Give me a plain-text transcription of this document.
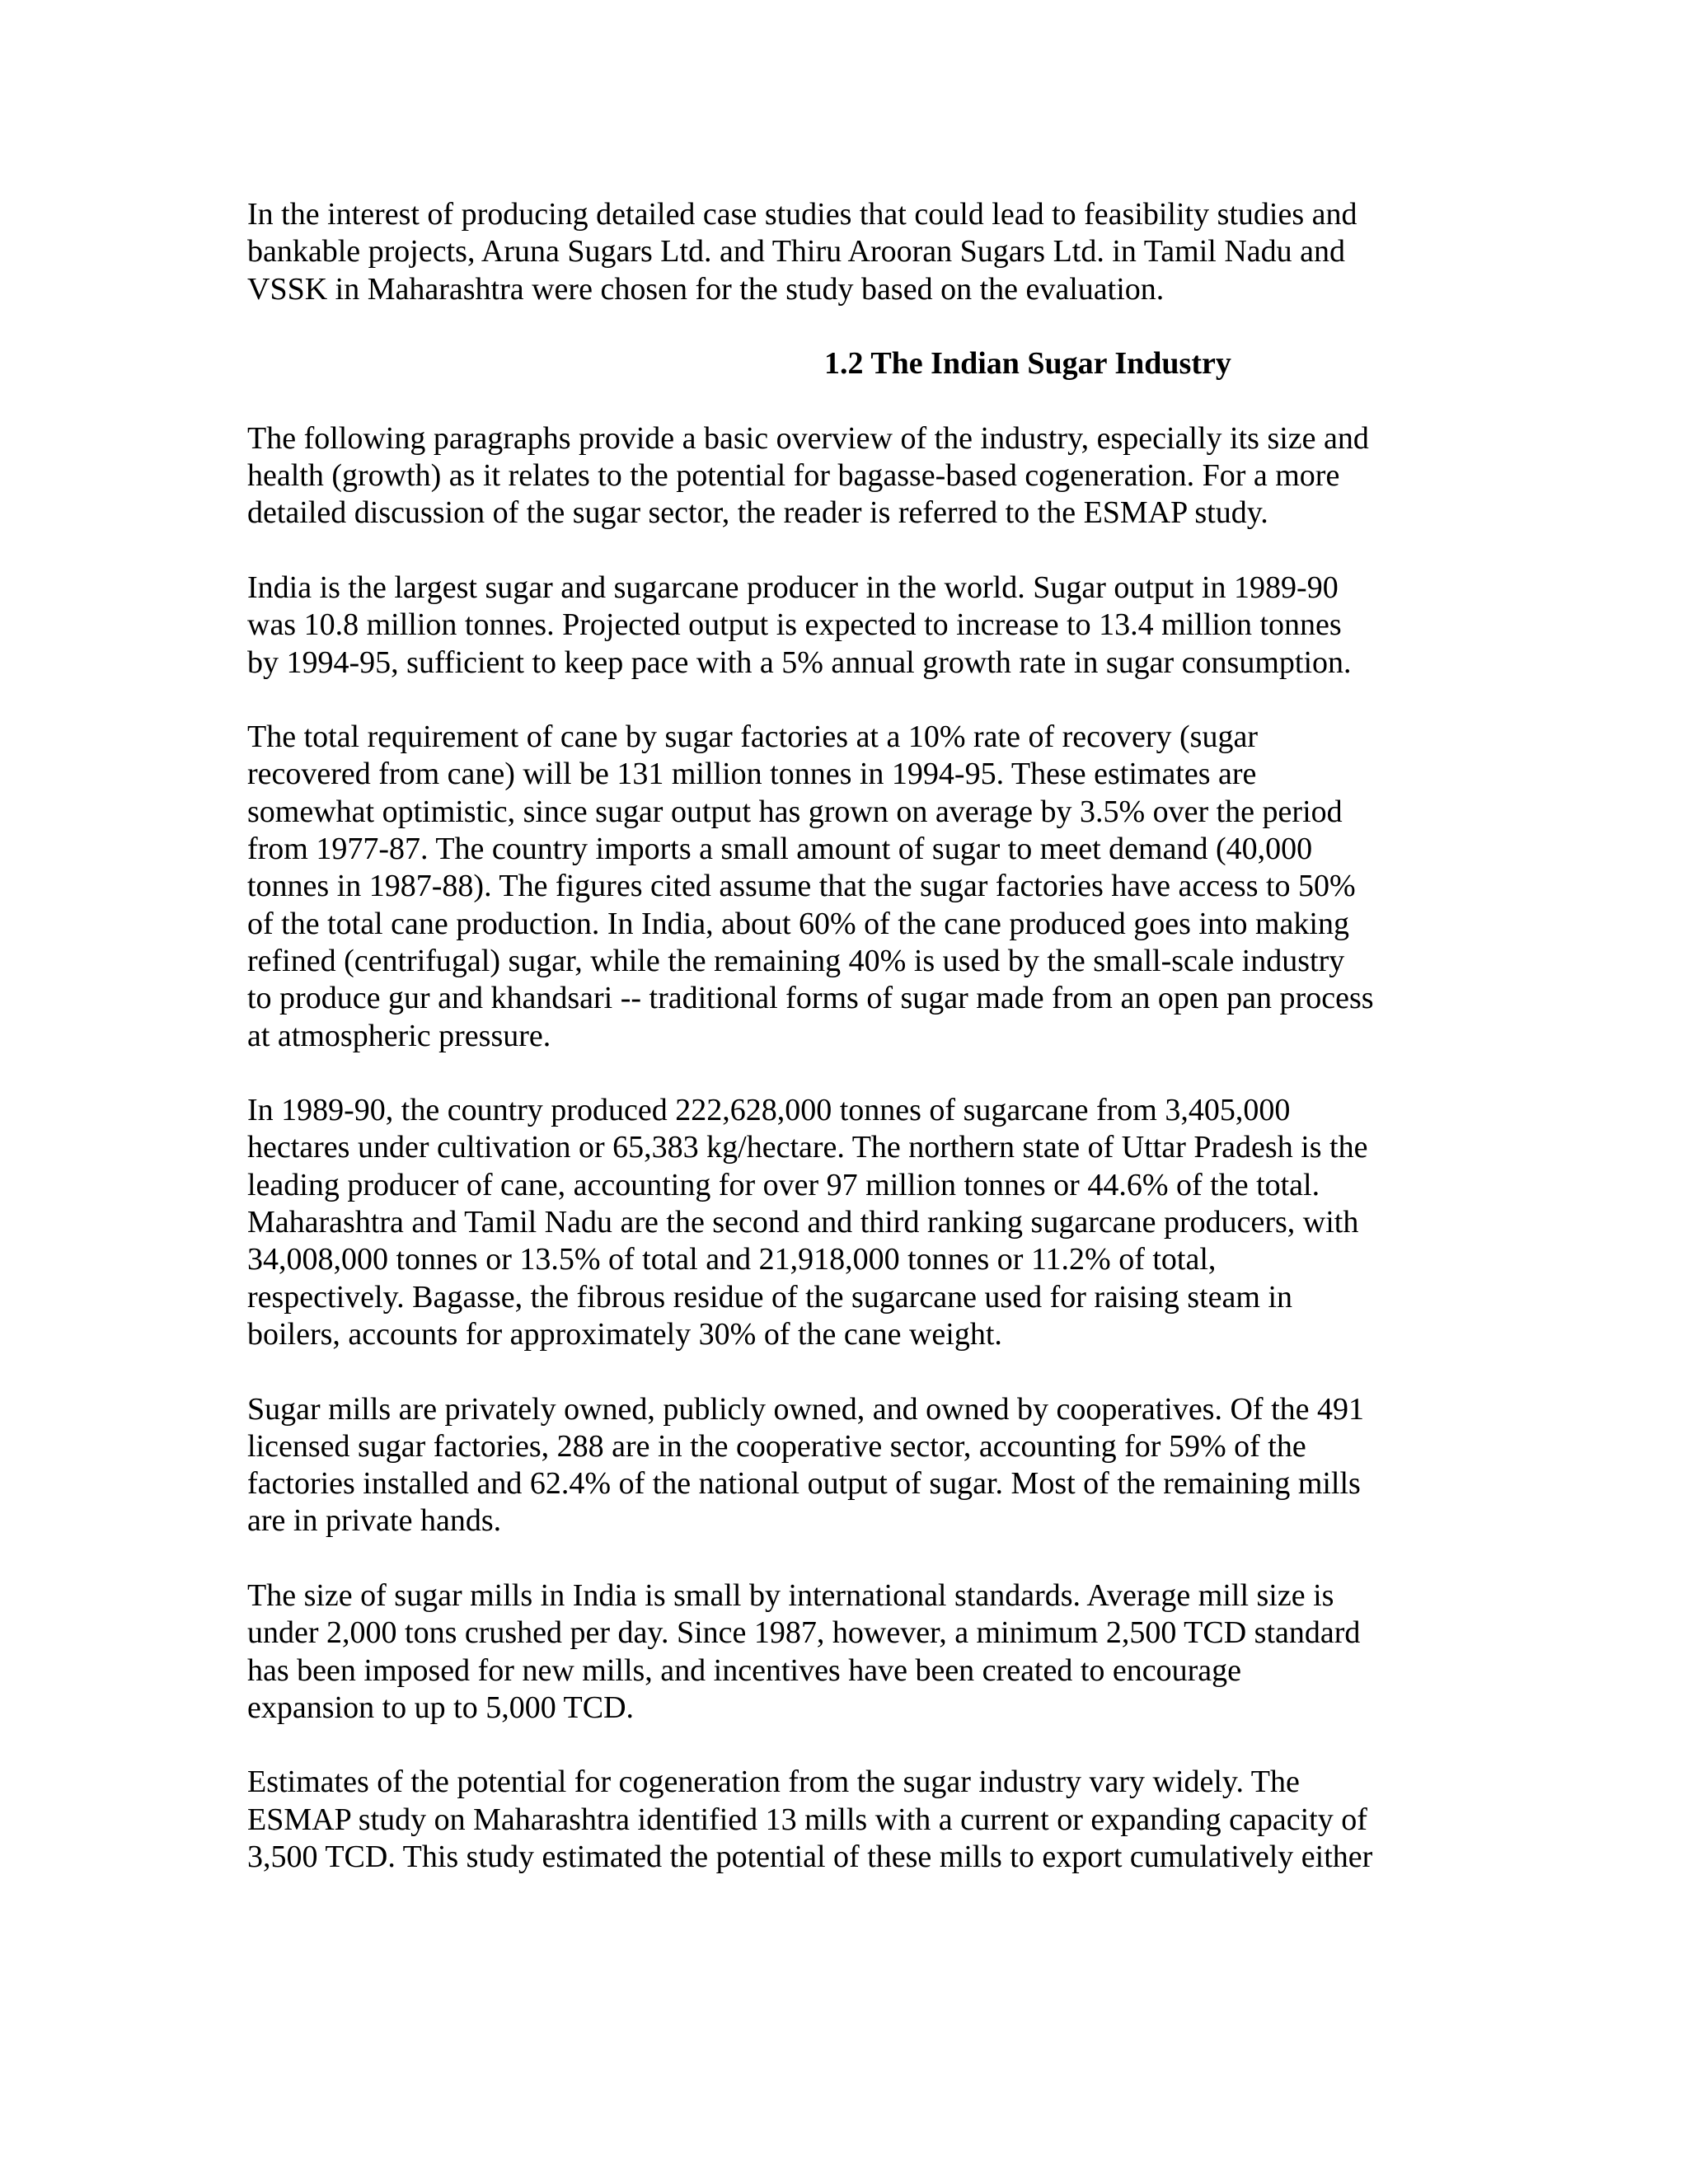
In the interest of producing detailed case studies that could lead to feasibility studies and
bankable projects, Aruna Sugars Ltd. and Thiru Arooran Sugars Ltd. in Tamil Nadu and
VSSK in Maharashtra were chosen for the study based on the evaluation.
1.2 The Indian Sugar Industry
The following paragraphs provide a basic overview of the industry, especially its size and
health (growth) as it relates to the potential for bagasse-based cogeneration. For a more
detailed discussion of the sugar sector, the reader is referred to the ESMAP study.
India is the largest sugar and sugarcane producer in the world. Sugar output in 1989-90
was 10.8 million tonnes. Projected output is expected to increase to 13.4 million tonnes
by 1994-95, sufficient to keep pace with a 5% annual growth rate in sugar consumption.
The total requirement of cane by sugar factories at a 10% rate of recovery (sugar
recovered from cane) will be 131 million tonnes in 1994-95. These estimates are
somewhat optimistic, since sugar output has grown on average by 3.5% over the period
from 1977-87. The country imports a small amount of sugar to meet demand (40,000
tonnes in 1987-88). The figures cited assume that the sugar factories have access to 50%
of the total cane production. In India, about 60% of the cane produced goes into making
refined (centrifugal) sugar, while the remaining 40% is used by the small-scale industry
to produce gur and khandsari -- traditional forms of sugar made from an open pan process
at atmospheric pressure.
In 1989-90, the country produced 222,628,000 tonnes of sugarcane from 3,405,000
hectares under cultivation or 65,383 kg/hectare. The northern state of Uttar Pradesh is the
leading producer of cane, accounting for over 97 million tonnes or 44.6% of the total.
Maharashtra and Tamil Nadu are the second and third ranking sugarcane producers, with
34,008,000 tonnes or 13.5% of total and 21,918,000 tonnes or 11.2% of total,
respectively. Bagasse, the fibrous residue of the sugarcane used for raising steam in
boilers, accounts for approximately 30% of the cane weight.
Sugar mills are privately owned, publicly owned, and owned by cooperatives. Of the 491
licensed sugar factories, 288 are in the cooperative sector, accounting for 59% of the
factories installed and 62.4% of the national output of sugar. Most of the remaining mills
are in private hands.
The size of sugar mills in India is small by international standards. Average mill size is
under 2,000 tons crushed per day. Since 1987, however, a minimum 2,500 TCD standard
has been imposed for new mills, and incentives have been created to encourage
expansion to up to 5,000 TCD.
Estimates of the potential for cogeneration from the sugar industry vary widely. The
ESMAP study on Maharashtra identified 13 mills with a current or expanding capacity of
3,500 TCD. This study estimated the potential of these mills to export cumulatively either
